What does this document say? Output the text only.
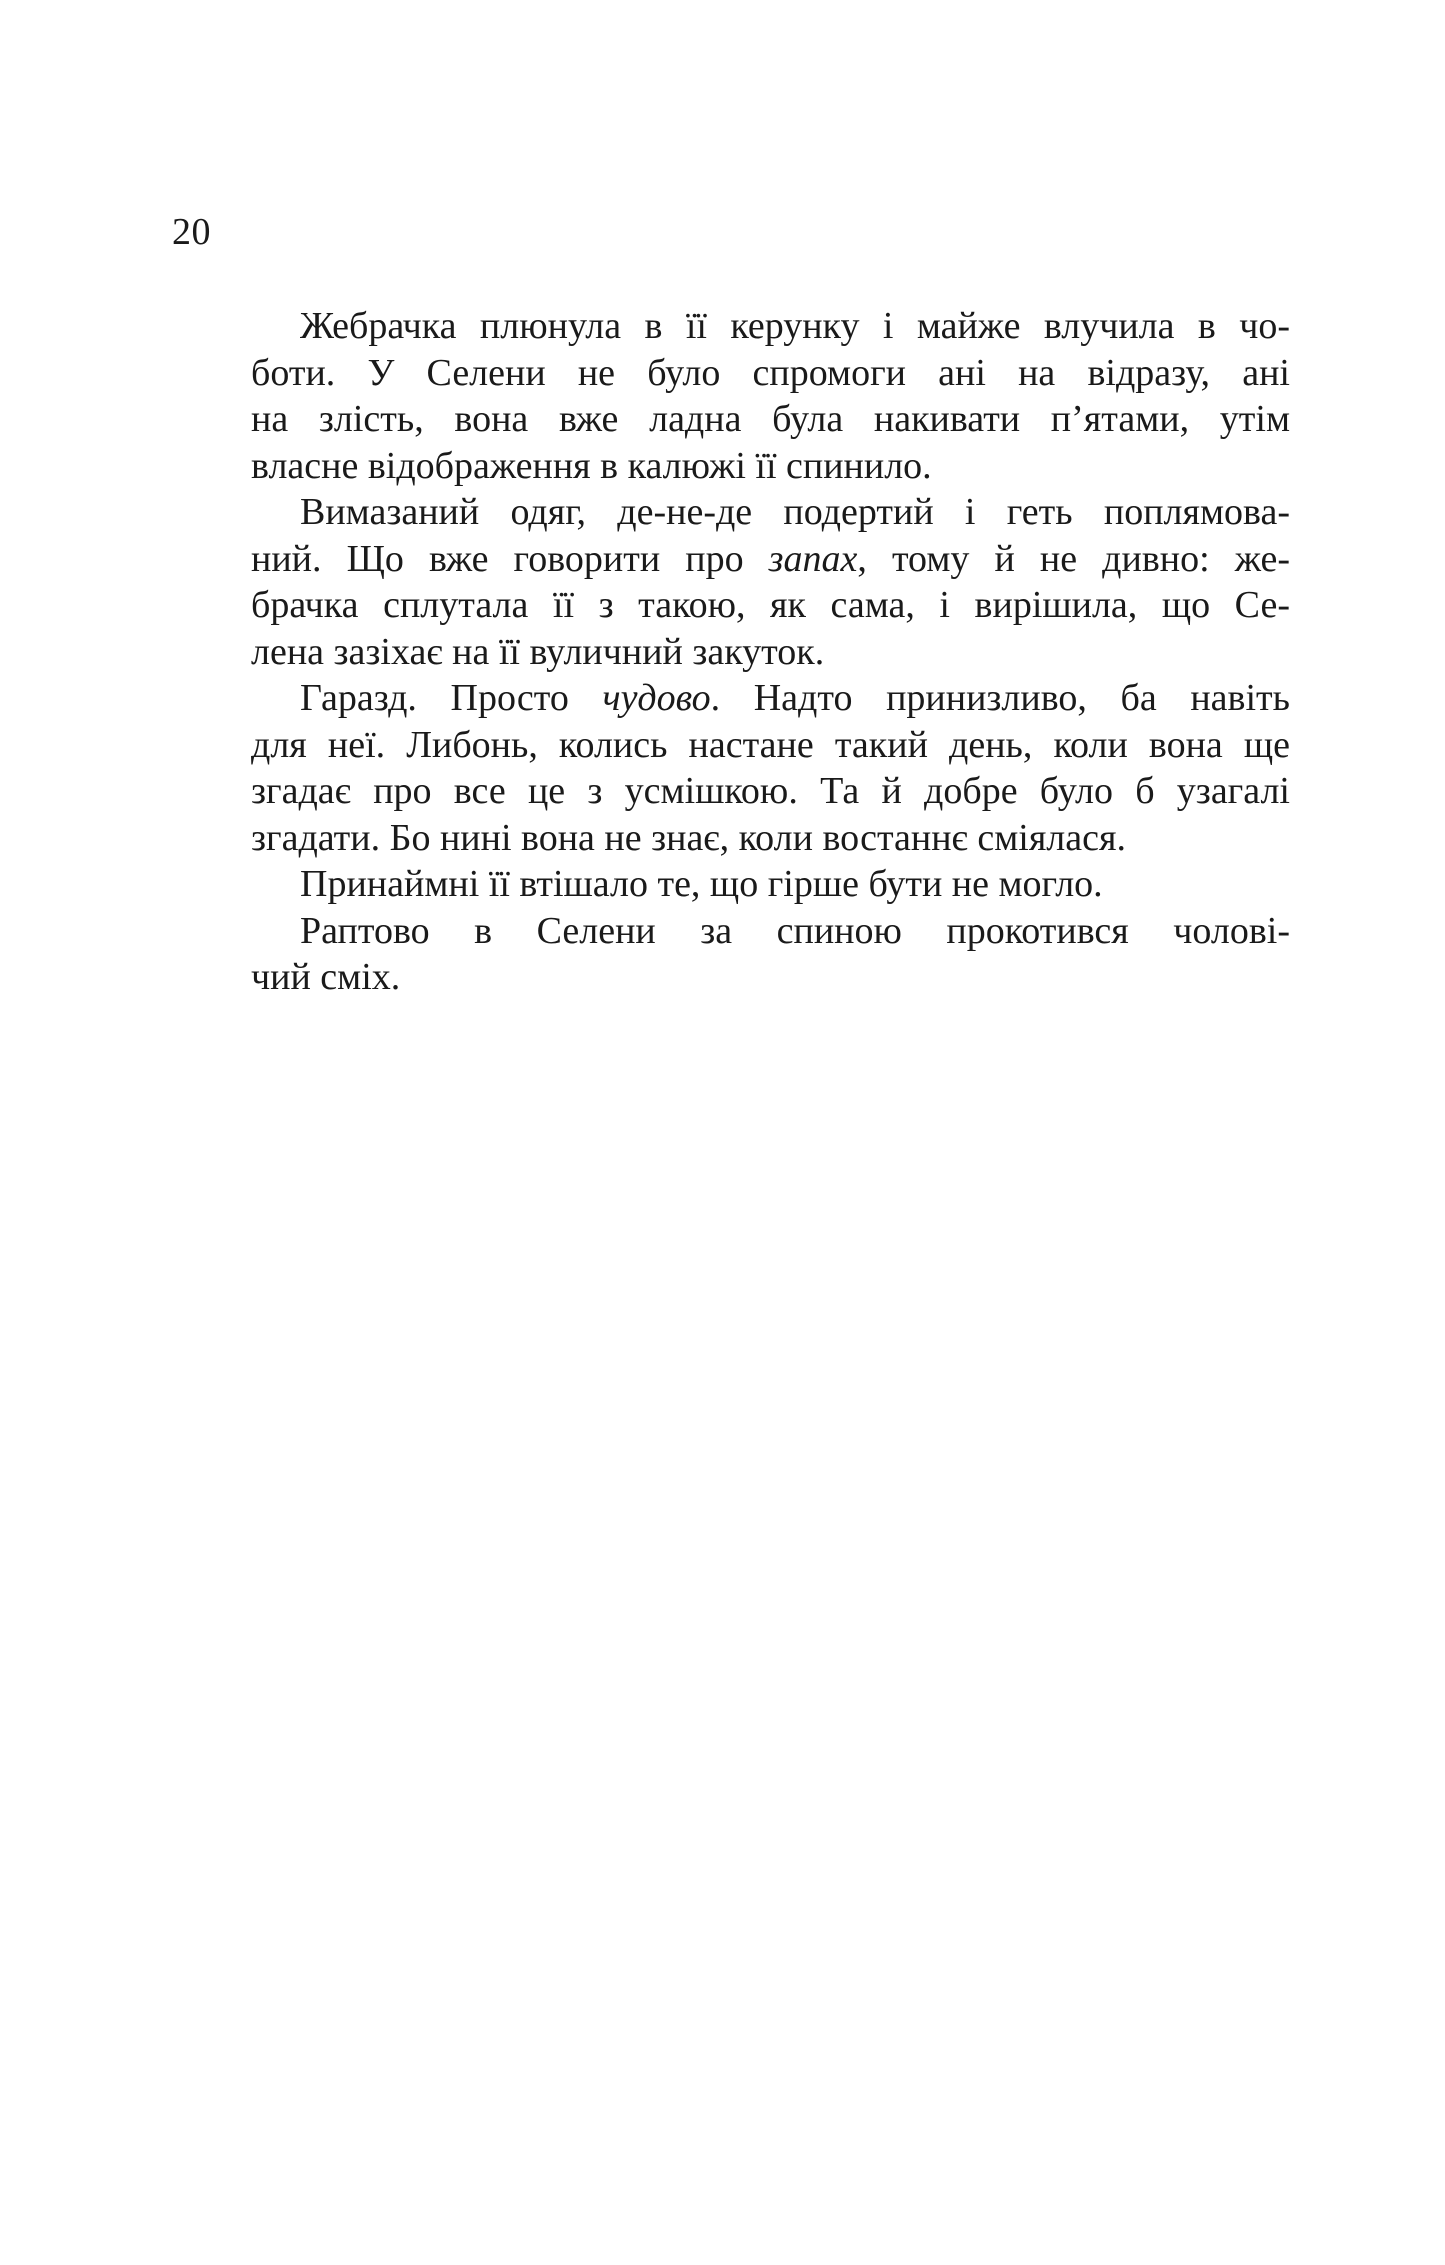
20
Жебрачка плюнула в її керунку і майже влучила в чо-
боти. У Селени не було спромоги ані на відразу, ані
на злість, вона вже ладна була накивати п’ятами, утім
власне відображення в калюжі її спинило.
Вимазаний одяг, де-не-де подертий і геть поплямова-
ний. Що вже говорити про запах, тому й не дивно: же-
брачка сплутала її з такою, як сама, і вирішила, що Се-
лена зазіхає на її вуличний закуток.
Гаразд. Просто чудово. Надто принизливо, ба навіть
для неї. Либонь, колись настане такий день, коли вона ще
згадає про все це з усмішкою. Та й добре було б узагалі
згадати. Бо нині вона не знає, коли востаннє сміялася.
Принаймні її втішало те, що гірше бути не могло.
Раптово в Селени за спиною прокотився чолові-
чий сміх.
